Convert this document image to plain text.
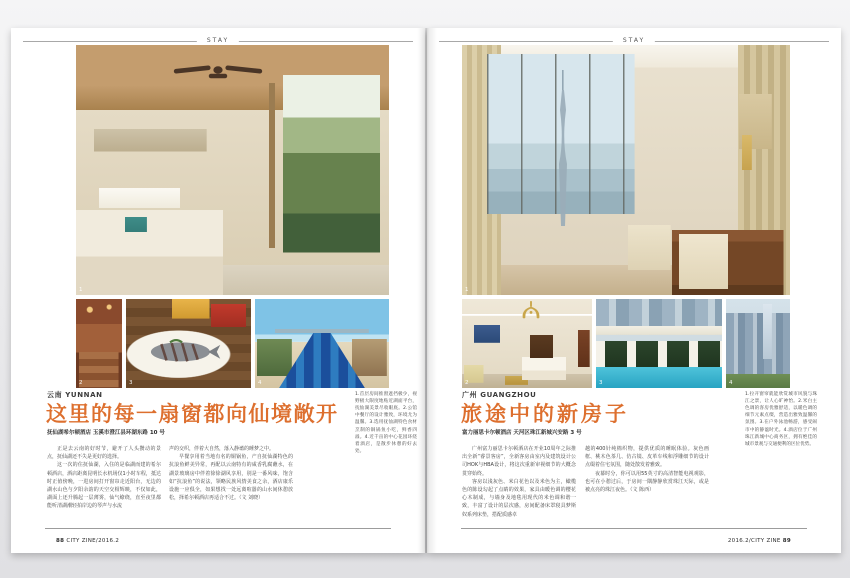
STAY
1
2	3	4
云南 YUNNAN
这里的每一扇窗都向仙境敞开
抚仙湖希尔顿酒店 玉溪市澄江县环湖东路 10 号

正是去云南的好时节，避开了人头攒动的景点，抚仙湖还不失是更好的选择。

这一次的住抚仙湖，入住的是临湖而建的希尔顿酒店，酒店距离昆明长水机场仅1小时车程，抵达时正值傍晚，一进房间打开窗帘走近阳台，无边的湖水山色与夕阳余韵的天空交相辉映，不仅如此，湖面上还升腾起一层薄雾，仙气缭绕，直至夜里都能听清湖潮轻拍岸边的琴声与水流

声的交织，伴着大自然，落入静谧的睡梦之中。

早餐享用着当地有名的铜锅鱼，产自抚仙湖特色的抗浪鱼鲜美异常，再配以云南特有的咸香乳腐蘸水，在湖景玻璃房中伴着徐徐湖风享用，别是一番风味，饱含如“抗浪鱼”的说法，领略民族风情美食之余，酒店康乐设施一应俱全，如果想找一处远离喧嚣的山水间休憩放松，择希尔顿酒店再适合不过。（文 刘晓）

1.首层房间推窗遮挡极少，视野极大限度地贴近湖面平台，抚仙湖美景尽收眼底。2.公馆中餐厅的设计雅致，环境尤为温馨。3.选用抚仙湖特色食材烹制的铜锅鱼小吃，鲜香四溢。4.近千亩的中心花园环绕着酒店，是散步休憩的好去处。
88 CITY ZINE/2016.2
STAY
1
2	3	4
广州 GUANGZHOU
旅途中的新房子
富力丽思卡尔顿酒店 天河区珠江新城兴安路 3 号

广州富力丽思卡尔顿酒店在开业10周年之际推出全新“睿景客房”，全新客房由室内及建筑设计公司HOK与HBA设计，将这次重新审视细节的大概念贯穿始终。

客房以浅灰色、米白花色以及米色为主，橄榄色的陈设勾起了点睛的效果，家具由暖色调的樱花心木制成，与墙身及地毯用现代的米色调和谐一致，丰富了设计的层次感，房间配备床罩寝具梦斯奴系列床垫，搭配质感卓

越的400针纯棉织物，提供优质的睡眠体验。灰色画框、桃木色茶几、仿古镜、皮革车线和浮雕细节的设计点缀着住宅氛围，随处散发着雅致。

夜幕时分，你可以用55英寸的高清智能电视观影，也可在小憩过后，于房间一隅静静欣赏珠江天际，或是被点亮的珠江夜色。（文 陈西）

1.拉开窗帘就能欣赏城市风貌与珠江之景，让人心旷神怡。2.米白主色调的客房优雅舒适，以暖色调的细节元素点缀，营造出雅致温馨的氛围。3.在户外泳池畅游，感受闹市中的静谧时光。4.酒店位于广州珠江新城中心商务区，拥有绝佳的城市景观与交通便利的区位优势。
2016.2/CITY ZINE 89
